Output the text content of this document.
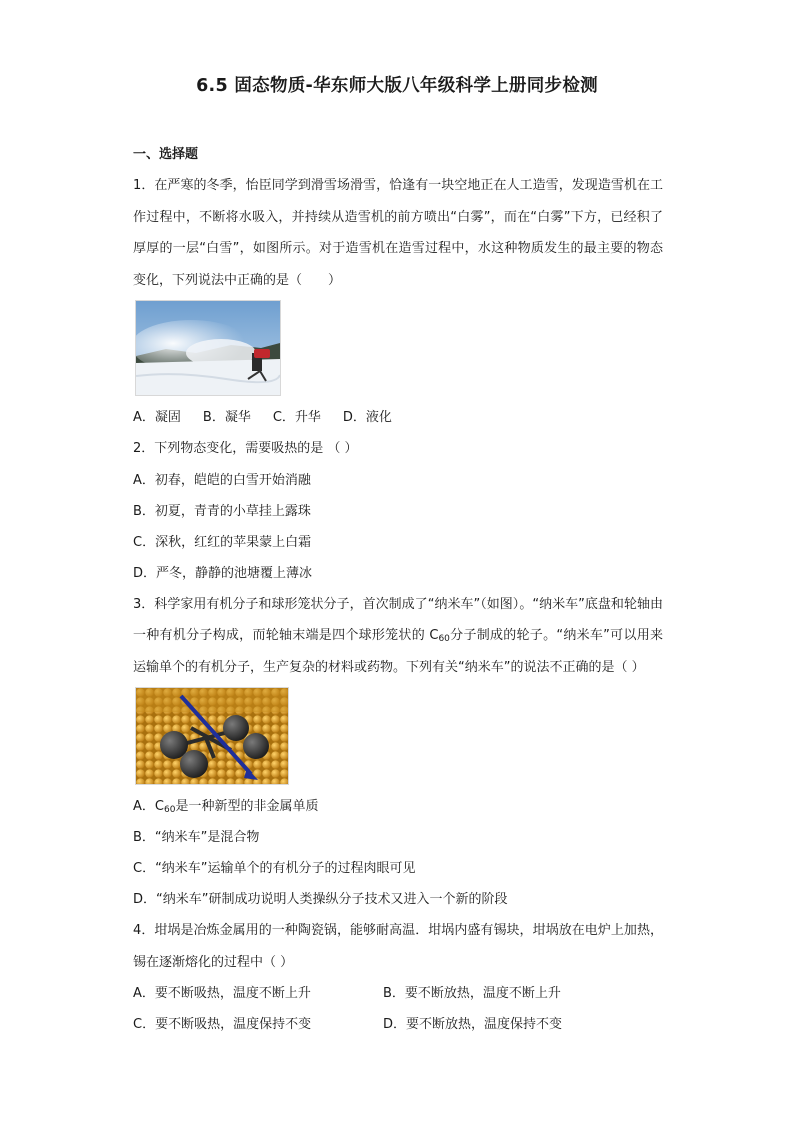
6.5 固态物质-华东师大版八年级科学上册同步检测

一、选择题

1．在严寒的冬季，怡臣同学到滑雪场滑雪，恰逢有一块空地正在人工造雪，发现造雪机在工作过程中，不断将水吸入，并持续从造雪机的前方喷出“白雾”，而在“白雾”下方，已经积了厚厚的一层“白雪”，如图所示。对于造雪机在造雪过程中，水这种物质发生的最主要的物态变化，下列说法中正确的是（　　）

A．凝固 B．凝华 C．升华 D．液化

2．下列物态变化，需要吸热的是 （ ）

A．初春，皑皑的白雪开始消融

B．初夏，青青的小草挂上露珠

C．深秋，红红的苹果蒙上白霜

D．严冬，静静的池塘覆上薄冰

3．科学家用有机分子和球形笼状分子，首次制成了“纳米车”（如图）。“纳米车”底盘和轮轴由一种有机分子构成，而轮轴末端是四个球形笼状的 $C_{60}$分子制成的轮子。“纳米车”可以用来运输单个的有机分子，生产复杂的材料或药物。下列有关“纳米车”的说法不正确的是（ ）

A．$C_{60}$是一种新型的非金属单质

B．“纳米车”是混合物

C．“纳米车”运输单个的有机分子的过程肉眼可见

D．“纳米车”研制成功说明人类操纵分子技术又进入一个新的阶段

4．坩埚是冶炼金属用的一种陶瓷锅，能够耐高温．坩埚内盛有锡块，坩埚放在电炉上加热，锡在逐渐熔化的过程中（ ）

A．要不断吸热，温度不断上升	B．要不断放热，温度不断上升
C．要不断吸热，温度保持不变	D．要不断放热，温度保持不变
